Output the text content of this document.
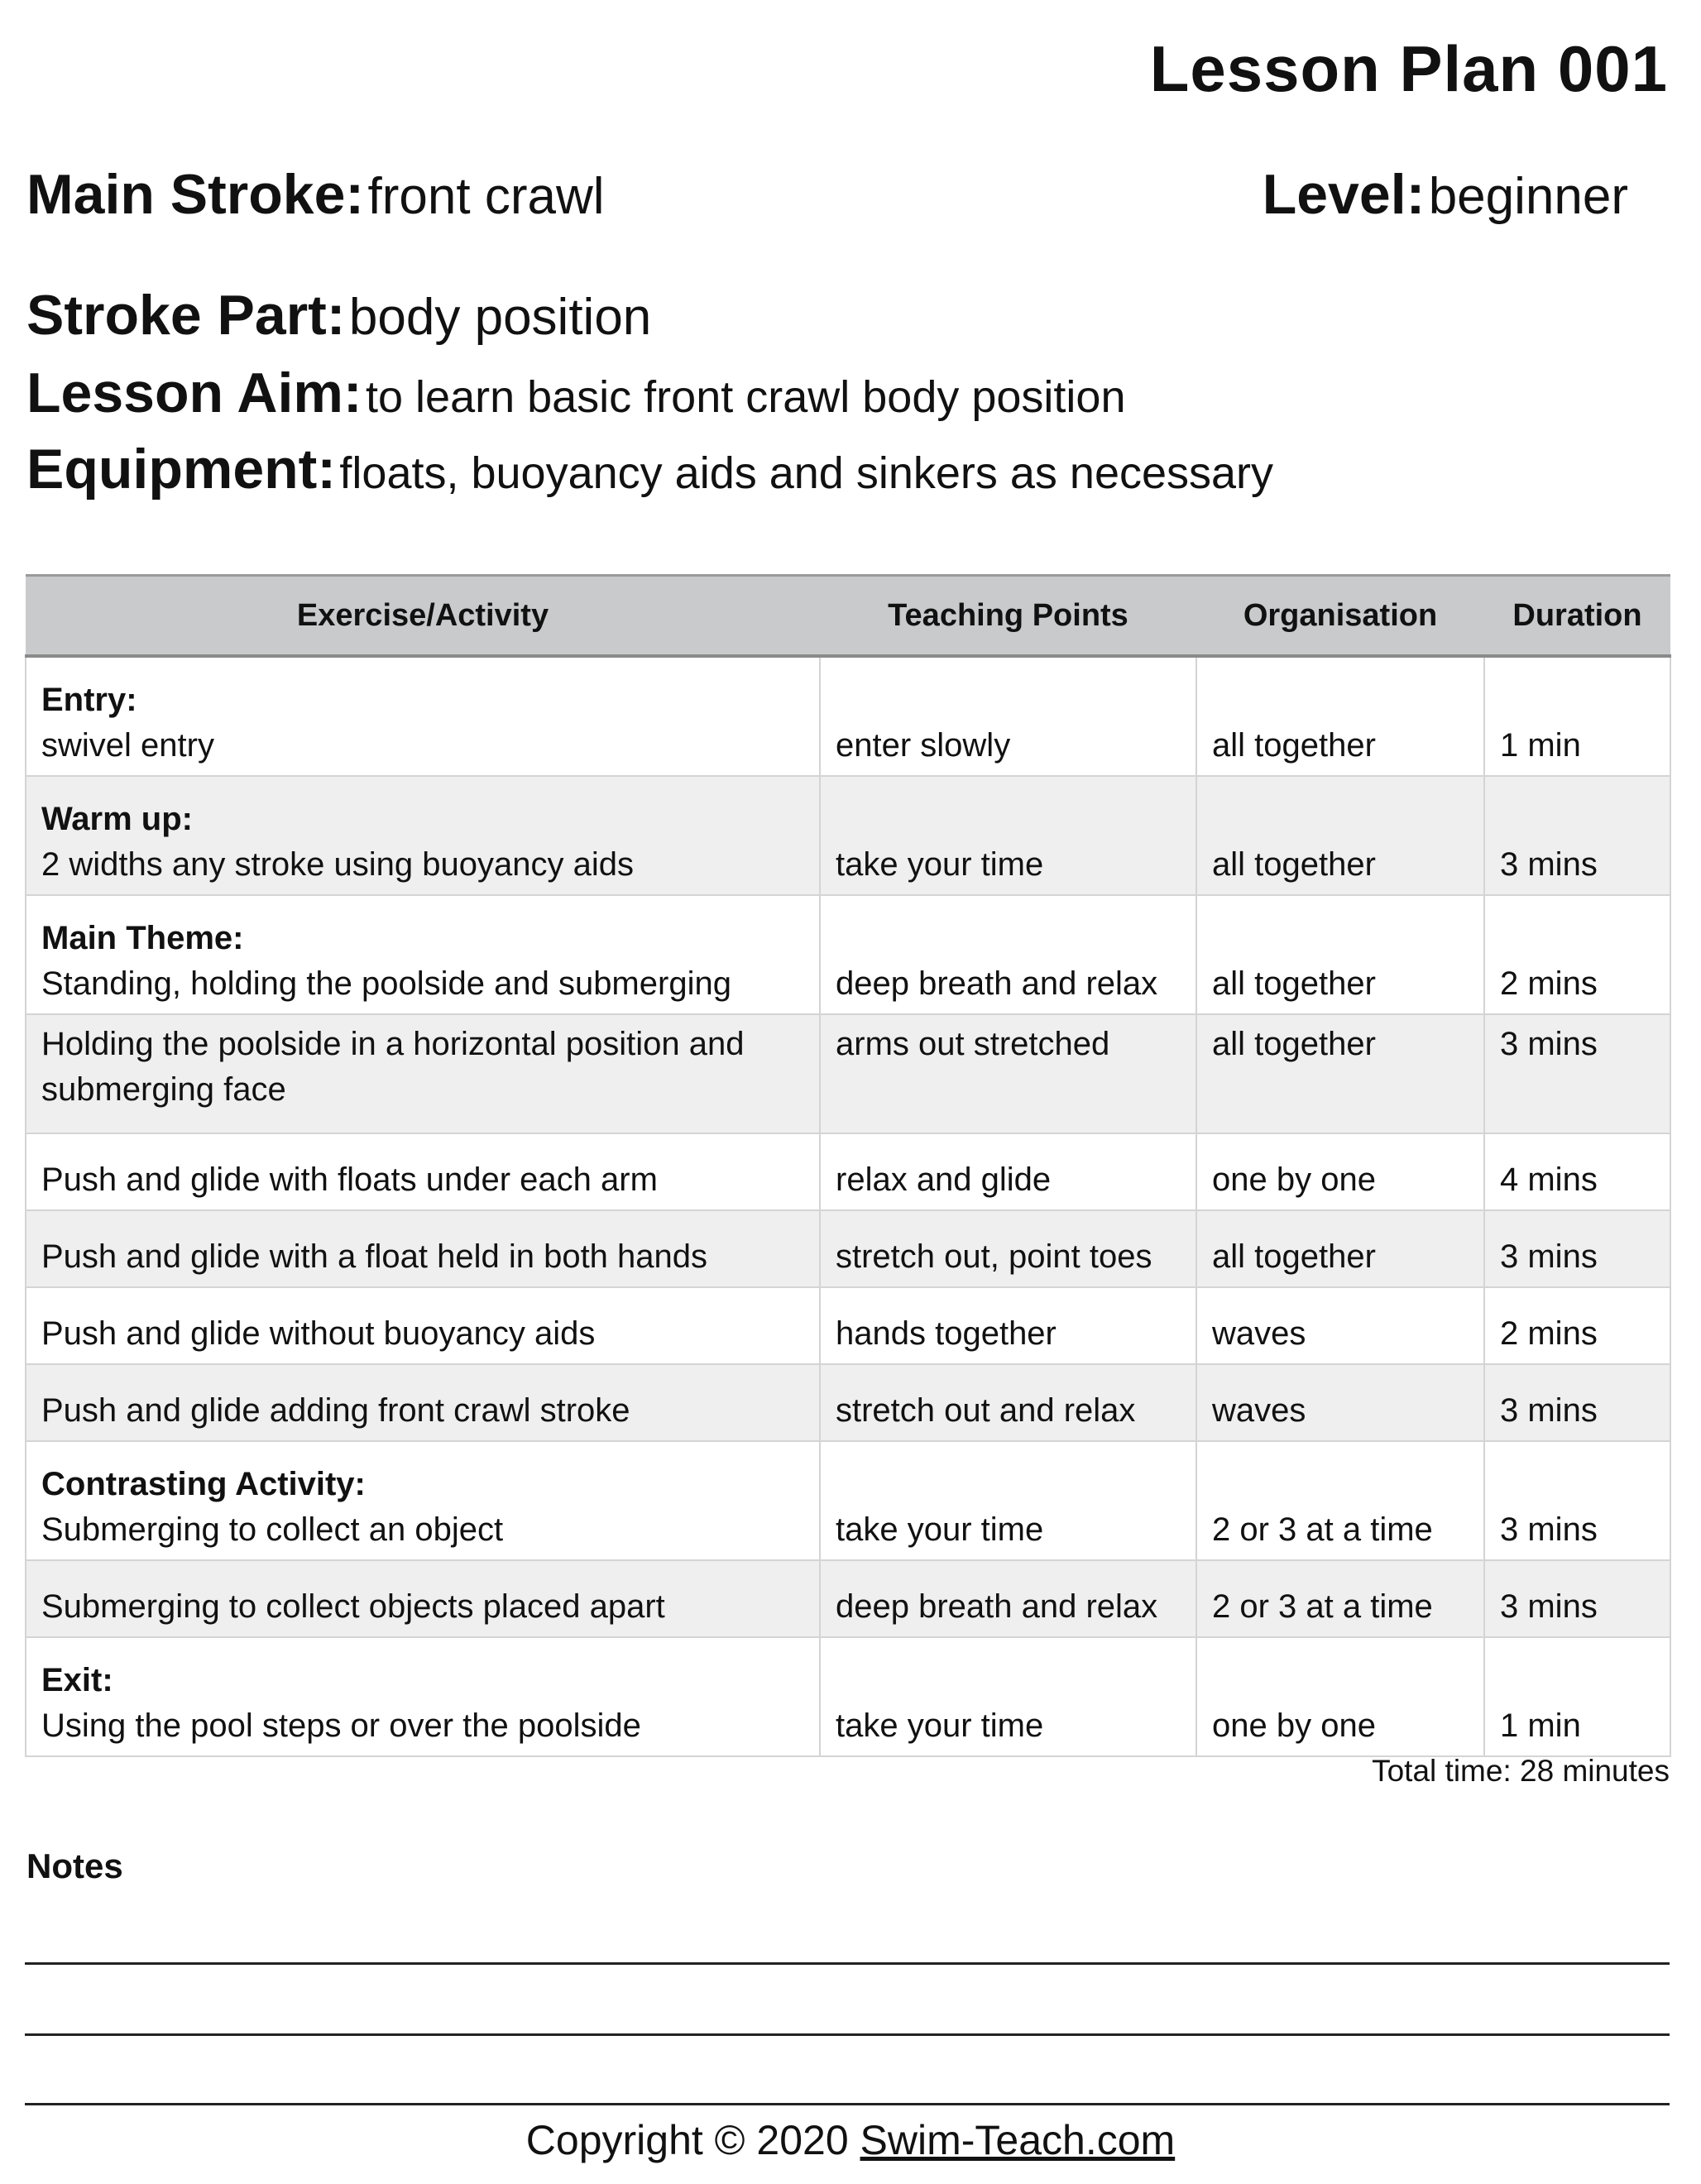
Lesson Plan 001
Main Stroke: front crawl	Level: beginner
Stroke Part: body position
Lesson Aim: to learn basic front crawl body position
Equipment: floats, buoyancy aids and sinkers as necessary
Exercise/Activity	Teaching Points	Organisation	Duration

Entry:
swivel entry	enter slowly	all together	1 min

Warm up:
2 widths any stroke using buoyancy aids	take your time	all together	3 mins

Main Theme:
Standing, holding the poolside and submerging	deep breath and relax	all together	2 mins
Holding the poolside in a horizontal position and submerging face	arms out stretched	all together	3 mins
Push and glide with floats under each arm	relax and glide	one by one	4 mins
Push and glide with a float held in both hands	stretch out, point toes	all together	3 mins
Push and glide without buoyancy aids	hands together	waves	2 mins
Push and glide adding front crawl stroke	stretch out and relax	waves	3 mins

Contrasting Activity:
Submerging to collect an object	take your time	2 or 3 at a time	3 mins
Submerging to collect objects placed apart	deep breath and relax	2 or 3 at a time	3 mins

Exit:
Using the pool steps or over the poolside	take your time	one by one	1 min
Total time: 28 minutes
Notes
Copyright © 2020 Swim-Teach.com
